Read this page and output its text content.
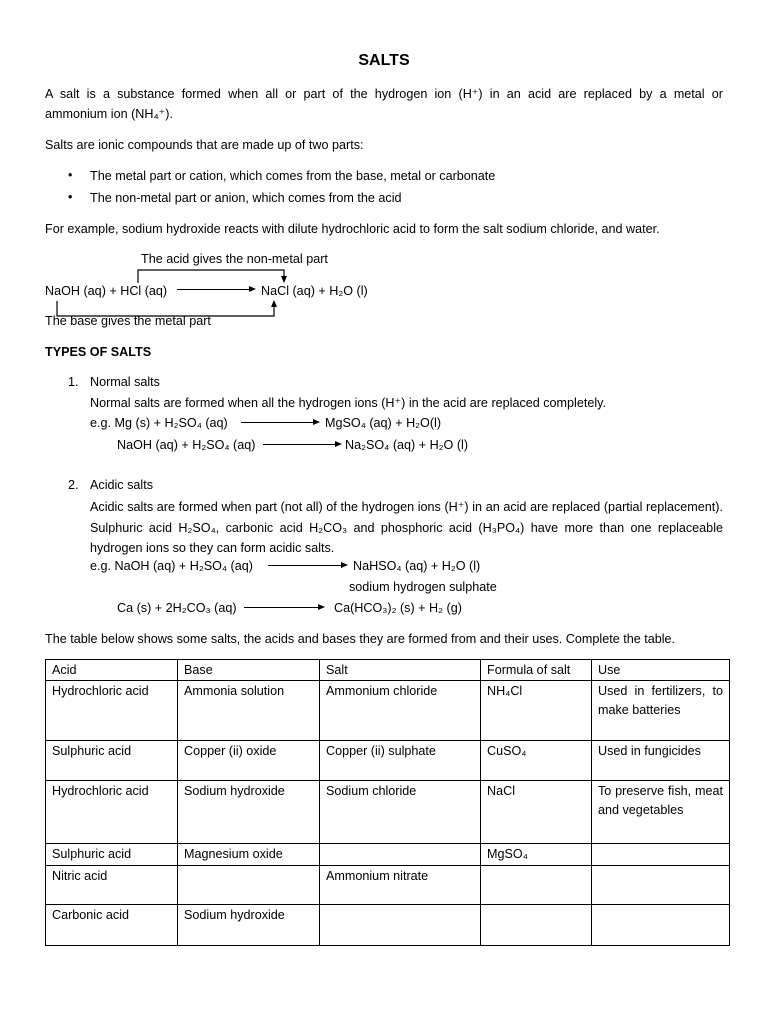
SALTS
A salt is a substance formed when all or part of the hydrogen ion (H⁺) in an acid are replaced by a metal or
ammonium ion (NH₄⁺).
Salts are ionic compounds that are made up of two parts:
• The metal part or cation, which comes from the base, metal or carbonate
• The non-metal part or anion, which comes from the acid
For example, sodium hydroxide reacts with dilute hydrochloric acid to form the salt sodium chloride, and water.
The acid gives the non-metal part
NaOH (aq) + HCl (aq)	NaCl (aq) + H₂O (l)
The base gives the metal part
TYPES OF SALTS
1. Normal salts
Normal salts are formed when all the hydrogen ions (H⁺) in the acid are replaced completely.
e.g. Mg (s) + H₂SO₄ (aq)	MgSO₄ (aq) + H₂O(l)
NaOH (aq) + H₂SO₄ (aq)	Na₂SO₄ (aq) + H₂O (l)
2. Acidic salts
Acidic salts are formed when part (not all) of the hydrogen ions (H⁺) in an acid are replaced (partial replacement). Sulphuric acid H₂SO₄, carbonic acid H₂CO₃ and phosphoric acid (H₃PO₄) have more than one replaceable hydrogen ions so they can form acidic salts.
e.g. NaOH (aq) + H₂SO₄ (aq)	NaHSO₄ (aq) + H₂O (l)
sodium hydrogen sulphate
Ca (s) + 2H₂CO₃ (aq)	Ca(HCO₃)₂ (s) + H₂ (g)
The table below shows some salts, the acids and bases they are formed from and their uses. Complete the table.
Acid	Base	Salt	Formula of salt	Use
Hydrochloric acid	Ammonia solution	Ammonium chloride	NH₄Cl	Used in fertilizers, to make batteries
Sulphuric acid	Copper (ii) oxide	Copper (ii) sulphate	CuSO₄	Used in fungicides
Hydrochloric acid	Sodium hydroxide	Sodium chloride	NaCl	To preserve fish, meat and vegetables
Sulphuric acid	Magnesium oxide		MgSO₄	
Nitric acid		Ammonium nitrate		
Carbonic acid	Sodium hydroxide			
